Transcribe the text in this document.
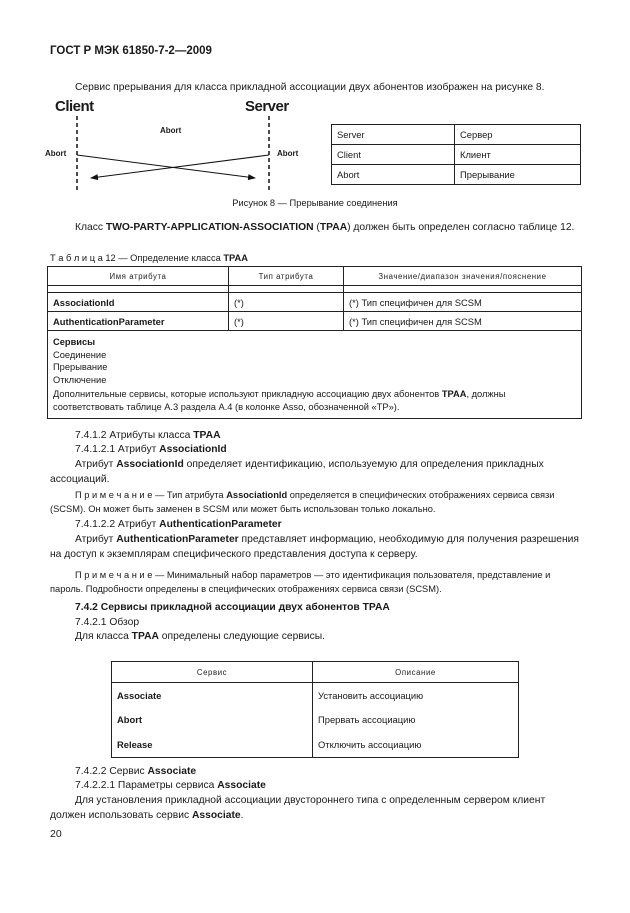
ГОСТ Р МЭК 61850-7-2—2009

Сервис прерывания для класса прикладной ассоциации двух абонентов изображен на рисунке 8.

Client	Server
Abort
Abort	Abort
Server	Сервер
Client	Клиент
Abort	Прерывание
Рисунок 8 — Прерывание соединения

Класс TWO-PARTY-APPLICATION-ASSOCIATION (TPAA) должен быть определен согласно таблице 12.

Т а б л и ц а 12 — Определение класса TPAA
Имя атрибута	Тип атрибута	Значение/диапазон значения/пояснение

AssociationId	(*)	(*) Тип специфичен для SCSM
AuthenticationParameter	(*)	(*) Тип специфичен для SCSM

Сервисы
Соединение
Прерывание
Отключение
Дополнительные сервисы, которые используют прикладную ассоциацию двух абонентов TPAA, должны соответствовать таблице А.3 раздела А.4 (в колонке Asso, обозначенной «TP»).		
7.4.1.2 Атрибуты класса TPAA
7.4.1.2.1 Атрибут AssociationId

Атрибут AssociationId определяет идентификацию, используемую для определения прикладных ассоциаций.

П р и м е ч а н и е — Тип атрибута AssociationId определяется в специфических отображениях сервиса связи (SCSM). Он может быть заменен в SCSM или может быть использован только локально.

7.4.1.2.2 Атрибут AuthenticationParameter

Атрибут AuthenticationParameter представляет информацию, необходимую для получения разрешения на доступ к экземплярам специфического представления доступа к серверу.

П р и м е ч а н и е — Минимальный набор параметров — это идентификация пользователя, представление и пароль. Подробности определены в специфических отображениях сервиса связи (SCSM).

7.4.2 Сервисы прикладной ассоциации двух абонентов TPAA
7.4.2.1 Обзор

Для класса TPAA определены следующие сервисы.

Сервис	Описание
Associate	Установить ассоциацию
Abort	Прервать ассоциацию
Release	Отключить ассоциацию
7.4.2.2 Сервис Associate
7.4.2.2.1 Параметры сервиса Associate

Для установления прикладной ассоциации двустороннего типа с определенным сервером клиент должен использовать сервис Associate.

20
